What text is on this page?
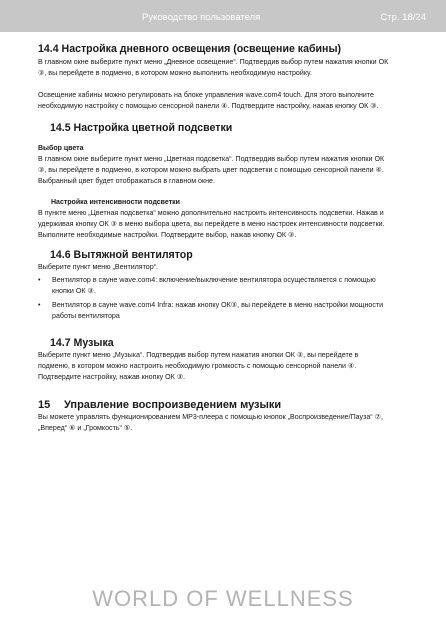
Руководство пользователя	Стр. 18/24
14.4 Настройка дневного освещения (освещение кабины)

В главном окне выберите пункт меню „Дневное освещение“. Подтвердив выбор путем нажатия кнопки ОК

③, вы перейдете в подменю, в котором можно выполнить необходимую настройку.

Освещение кабины можно регулировать на блоке управления wave.com4 touch. Для этого выполните

необходимую настройку с помощью сенсорной панели ④. Подтвердите настройку, нажав кнопку ОК ③.

14.5 Настройка цветной подсветки
Выбор цвета

В главном окне выберите пункт меню „Цветная подсветка“. Подтвердив выбор путем нажатия кнопки ОК

③, вы перейдете в подменю, в котором можно выбрать цвет подсветки с помощью сенсорной панели ④.

Выбранный цвет будет отображаться в главном окне.

Настройка интенсивности подсветки

В пункте меню „Цветная подсветка“ можно дополнительно настроить интенсивность подсветки. Нажав и

удерживая кнопку ОК ③ в меню выбора цвета, вы перейдете в меню настроек интенсивности подсветки.

Выполните необходимые настройки. Подтвердите выбор, нажав кнопку ОК ③.

14.6 Вытяжной вентилятор

Выберите пункт меню „Вентилятор“.

• Вентилятор в сауне wave.com4: включение/выключение вентилятора осуществляется с помощью
кнопки ОК ③.
• Вентилятор в сауне wave.com4 Infra: нажав кнопку ОК③, вы перейдете в меню настройки мощности
работы вентилятора
14.7 Музыка

Выберите пункт меню „Музыка“. Подтвердив выбор путем нажатия кнопки ОК ③, вы перейдете в

подменю, в котором можно настроить необходимую громкость с помощью сенсорной панели ④.

Подтвердите настройку, нажав кнопку ОК ③.

15 Управление воспроизведением музыки

Вы можете управлять функционированием МР3-плеера с помощью кнопок „Воспроизведение/Пауза“ ⑦,

„Вперед“ ⑥ и „Громкость“ ⑤.

WORLD OF WELLNESS
